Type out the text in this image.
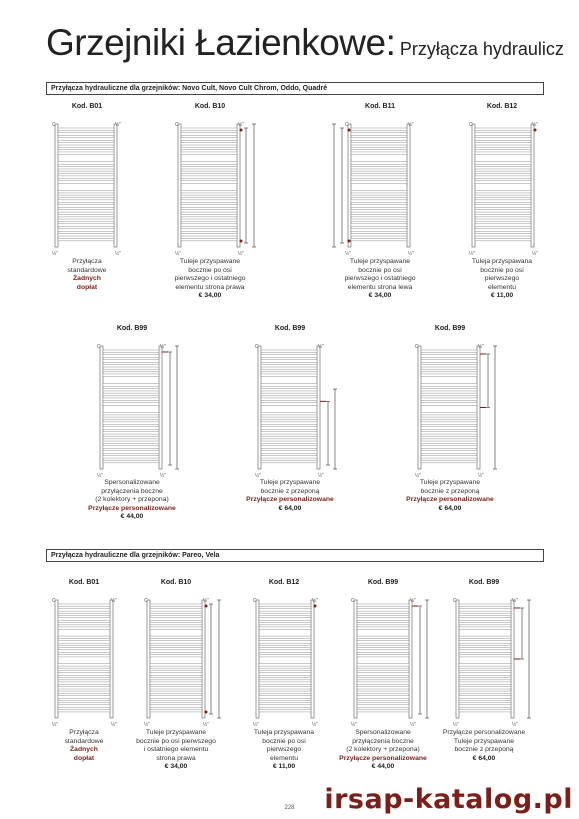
Grzejniki Łazienkowe: Przyłącza hydraulicz
Przyłącza hydrauliczne dla grzejników: Novo Cult, Novo Cult Chrom, Oddo, Quadré
Przyłącza hydrauliczne dla grzejników: Pareo, Vela
Kod. B01
C	½"
½"	½"
Przyłącza
standardowe
Żadnych
dopłat
Kod. B10
C	½"
½"	½"
Tuleje przyspawane
bocznie po osi
pierwszego i ostatniego
elementu strona prawa
€ 34,00
Kod. B11
C	½"
½"	½"
Tuleje przyspawane
bocznie po osi
pierwszego i ostatniego
elementu strona lewa
€ 34,00
Kod. B12
C	½"
½"	½"
Tuleja przyspawana
bocznie po osi
pierwszego
elementu
€ 11,00
Kod. B99
C	½"
½"	½"
Spersonalizowane
przyłączenia boczne
(2 kolektory + przepona)
Przyłącze personalizowane
€ 44,00
Kod. B99
C	½"
½"	½"
Tuleje przyspawane
bocznie z przeponą
Przyłącze personalizowane
€ 64,00
Kod. B99
C	½"
½"	½"
Tuleje przyspawane
bocznie z przeponą
Przyłącze personalizowane
€ 64,00
Kod. B01
C	½"
½"	½"
Przyłącza
standardowe
Żadnych
dopłat
Kod. B10
C	½"
½"	½"
Tuleje przyspawane
bocznie po osi pierwszego
i ostatniego elementu
strona prawa
€ 34,00
Kod. B12
C	½"
½"	½"
Tuleja przyspawana
bocznie po osi
pierwszego
elementu
€ 11,00
Kod. B99
C	½"
½"	½"
Spersonalizowane
przyłączenia boczne
(2 kolektory + przepona)
Przyłącze personalizowane
€ 44,00
Kod. B99
C	½"
½"	½"
Przyłącze personalizowane
Tuleje przyspawane
bocznie z przeponą
€ 64,00
228	irsap-katalog.pl
